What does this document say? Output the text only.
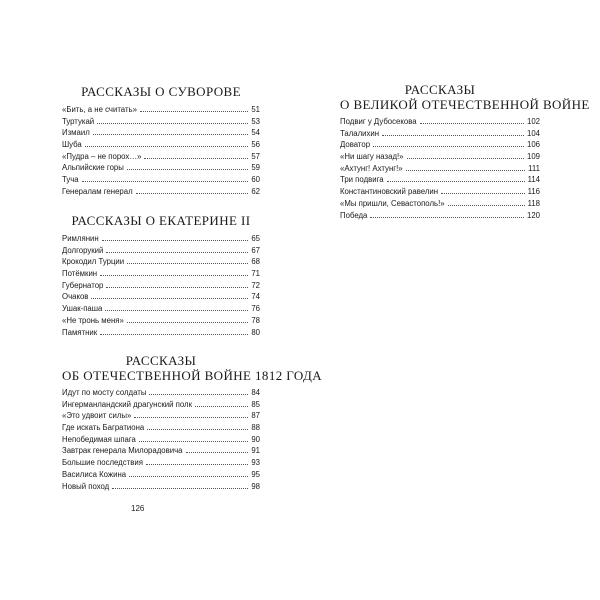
РАССКАЗЫ О СУВОРОВЕ
«Бить, а не считать»	51
Туртукай	53
Измаил	54
Шуба	56
«Пудра – не порох…»	57
Альпийские горы	59
Туча	60
Генералам генерал	62
РАССКАЗЫ О ЕКАТЕРИНЕ II
Римлянин	65
Долгорукий	67
Крокодил Турции	68
Потёмкин	71
Губернатор	72
Очаков	74
Ушак-паша	76
«Не тронь меня»	78
Памятник	80
РАССКАЗЫ
ОБ ОТЕЧЕСТВЕННОЙ ВОЙНЕ 1812 ГОДА
Идут по мосту солдаты	84
Ингерманландский драгунский полк	85
«Это удвоит силы»	87
Где искать Багратиона	88
Непобедимая шпага	90
Завтрак генерала Милорадовича	91
Большие последствия	93
Василиса Кожина	95
Новый поход	98
126
РАССКАЗЫ
О ВЕЛИКОЙ ОТЕЧЕСТВЕННОЙ ВОЙНЕ
Подвиг у Дубосекова	102
Талалихин	104
Доватор	106
«Ни шагу назад!»	109
«Ахтунг! Ахтунг!»	111
Три подвига	114
Константиновский равелин	116
«Мы пришли, Севастополь!»	118
Победа	120
